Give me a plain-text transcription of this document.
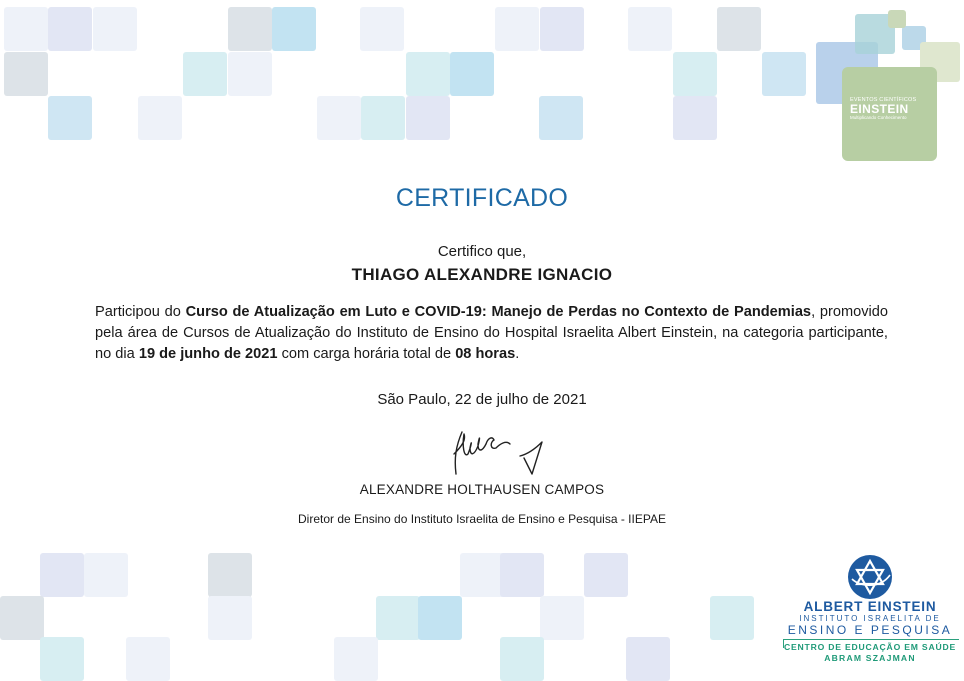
EVENTOS CIENTÍFICOS
EINSTEIN
Multiplicando Conhecimento
CERTIFICADO
Certifico que,
THIAGO ALEXANDRE IGNACIO
Participou do Curso de Atualização em Luto e COVID-19: Manejo de Perdas no Contexto de Pandemias, promovido pela área de Cursos de Atualização do Instituto de Ensino do Hospital Israelita Albert Einstein, na categoria participante, no dia 19 de junho de 2021 com carga horária total de 08 horas.
São Paulo, 22 de julho de 2021
ALEXANDRE HOLTHAUSEN CAMPOS
Diretor de Ensino do Instituto Israelita de Ensino e Pesquisa - IIEPAE
ALBERT EINSTEIN
INSTITUTO ISRAELITA DE
ENSINO E PESQUISA
CENTRO DE EDUCAÇÃO EM SAÚDE
ABRAM SZAJMAN
